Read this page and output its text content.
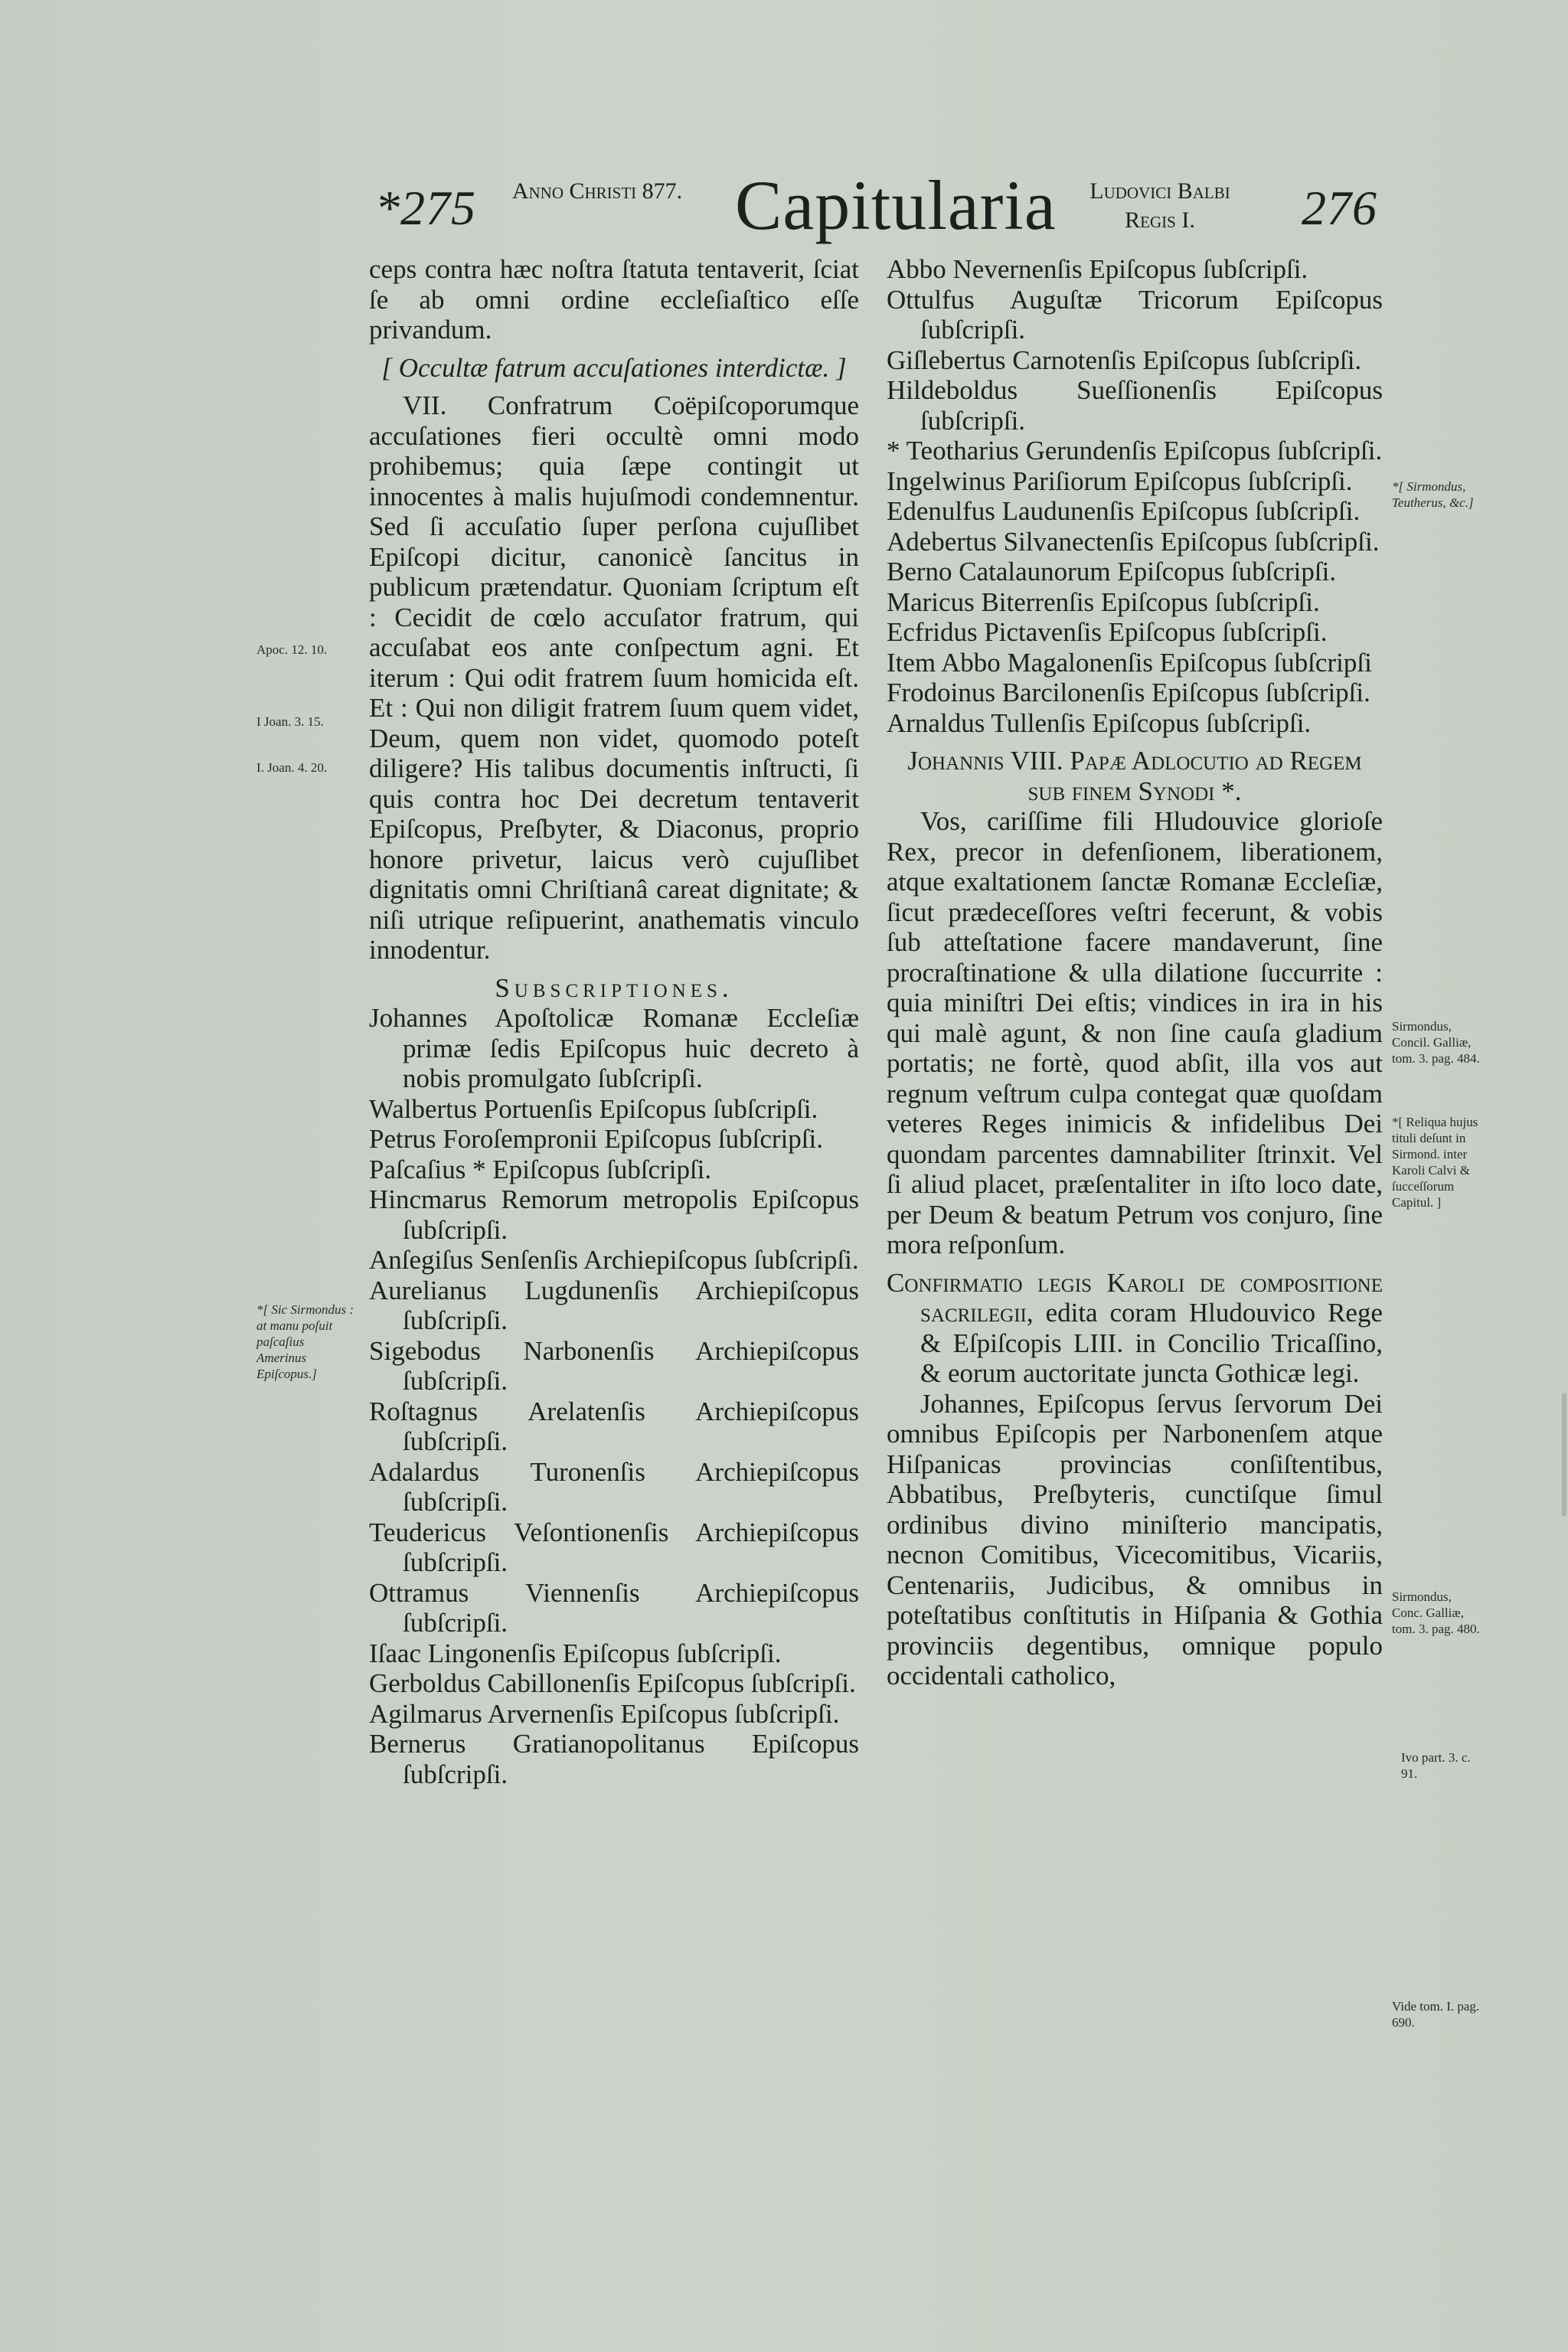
*275 Anno Christi 877. Capitularia	Ludovici Balbi Regis I.	276

ceps contra hæc noſtra ſtatuta tentaverit, ſciat ſe ab omni ordine eccleſiaſtico eſſe privandum.

[ Occultæ fatrum accuſationes interdictæ. ]

VII. Confratrum Coëpiſcoporumque accuſationes fieri occultè omni modo prohibemus; quia ſæpe contingit ut innocentes à malis hujuſmodi condemnentur. Sed ſi accuſatio ſuper perſona cujuſlibet Epiſcopi dicitur, canonicè ſancitus in publicum prætendatur. Quoniam ſcriptum eſt : Cecidit de cœlo accuſator fratrum, qui accuſabat eos ante conſpectum agni. Et iterum : Qui odit fratrem ſuum homicida eſt. Et : Qui non diligit fratrem ſuum quem videt, Deum, quem non videt, quomodo poteſt diligere? His talibus documentis inſtructi, ſi quis contra hoc Dei decretum tentaverit Epiſcopus, Preſbyter, & Diaconus, proprio honore privetur, laicus verò cujuſlibet dignitatis omni Chriſtianâ careat dignitate; & niſi utrique reſipuerint, anathematis vinculo innodentur.

Subscriptiones.

Johannes Apoſtolicæ Romanæ Eccleſiæ primæ ſedis Epiſcopus huic decreto à nobis promulgato ſubſcripſi.

Walbertus Portuenſis Epiſcopus ſubſcripſi.

Petrus Foroſempronii Epiſcopus ſubſcripſi.

Paſcaſius * Epiſcopus ſubſcripſi.

Hincmarus Remorum metropolis Epiſcopus ſubſcripſi.

Anſegiſus Senſenſis Archiepiſcopus ſubſcripſi.

Aurelianus Lugdunenſis Archiepiſcopus ſubſcripſi.

Sigebodus Narbonenſis Archiepiſcopus ſubſcripſi.

Roſtagnus Arelatenſis Archiepiſcopus ſubſcripſi.

Adalardus Turonenſis Archiepiſcopus ſubſcripſi.

Teudericus Veſontionenſis Archiepiſcopus ſubſcripſi.

Ottramus Viennenſis Archiepiſcopus ſubſcripſi.

Iſaac Lingonenſis Epiſcopus ſubſcripſi.

Gerboldus Cabillonenſis Epiſcopus ſubſcripſi.

Agilmarus Arvernenſis Epiſcopus ſubſcripſi.

Bernerus Gratianopolitanus Epiſcopus ſubſcripſi.

Abbo Nevernenſis Epiſcopus ſubſcripſi.

Ottulfus Auguſtæ Tricorum Epiſcopus ſubſcripſi.

Giſlebertus Carnotenſis Epiſcopus ſubſcripſi.

Hildeboldus Sueſſionenſis Epiſcopus ſubſcripſi.

* Teotharius Gerundenſis Epiſcopus ſubſcripſi.

Ingelwinus Pariſiorum Epiſcopus ſubſcripſi.

Edenulfus Laudunenſis Epiſcopus ſubſcripſi.

Adebertus Silvanectenſis Epiſcopus ſubſcripſi.

Berno Catalaunorum Epiſcopus ſubſcripſi.

Maricus Biterrenſis Epiſcopus ſubſcripſi.

Ecfridus Pictavenſis Epiſcopus ſubſcripſi.

Item Abbo Magalonenſis Epiſcopus ſubſcripſi

Frodoinus Barcilonenſis Epiſcopus ſubſcripſi.

Arnaldus Tullenſis Epiſcopus ſubſcripſi.

Johannis VIII. Papæ Adlocutio ad Regem sub finem Synodi *.

Vos, cariſſime fili Hludouvice glorioſe Rex, precor in defenſionem, liberationem, atque exaltationem ſanctæ Romanæ Eccleſiæ, ſicut prædeceſſores veſtri fecerunt, & vobis ſub atteſtatione facere mandaverunt, ſine procraſtinatione & ulla dilatione ſuccurrite : quia miniſtri Dei eſtis; vindices in ira in his qui malè agunt, & non ſine cauſa gladium portatis; ne fortè, quod abſit, illa vos aut regnum veſtrum culpa contegat quæ quoſdam veteres Reges inimicis & infidelibus Dei quondam parcentes damnabiliter ſtrinxit. Vel ſi aliud placet, præſentaliter in iſto loco date, per Deum & beatum Petrum vos conjuro, ſine mora reſponſum.

Confirmatio legis Karoli de compositione sacrilegii, edita coram Hludouvico Rege & Eſpiſcopis LIII. in Concilio Tricaſſino, & eorum auctoritate juncta Gothicæ legi.

Johannes, Epiſcopus ſervus ſervorum Dei omnibus Epiſcopis per Narbonenſem atque Hiſpanicas provincias conſiſtentibus, Abbatibus, Preſbyteris, cunctiſque ſimul ordinibus divino miniſterio mancipatis, necnon Comitibus, Vicecomitibus, Vicariis, Centenariis, Judicibus, & omnibus in poteſtatibus conſtitutis in Hiſpania & Gothia provinciis degentibus, omnique populo occidentali catholico,

Apoc. 12. 10.
I Joan. 3. 15.
I. Joan. 4. 20.
*[ Sic Sirmondus : at manu poſuit paſcaſius Amerinus Epiſcopus.]
*[ Sirmondus, Teutherus, &c.]
Sirmondus, Concil. Galliæ, tom. 3. pag. 484.
*[ Reliqua hujus tituli deſunt in Sirmond. inter Karoli Calvi & ſucceſſorum Capitul. ]
Sirmondus, Conc. Galliæ, tom. 3. pag. 480.
Ivo part. 3. c. 91.
Vide tom. I. pag. 690.
